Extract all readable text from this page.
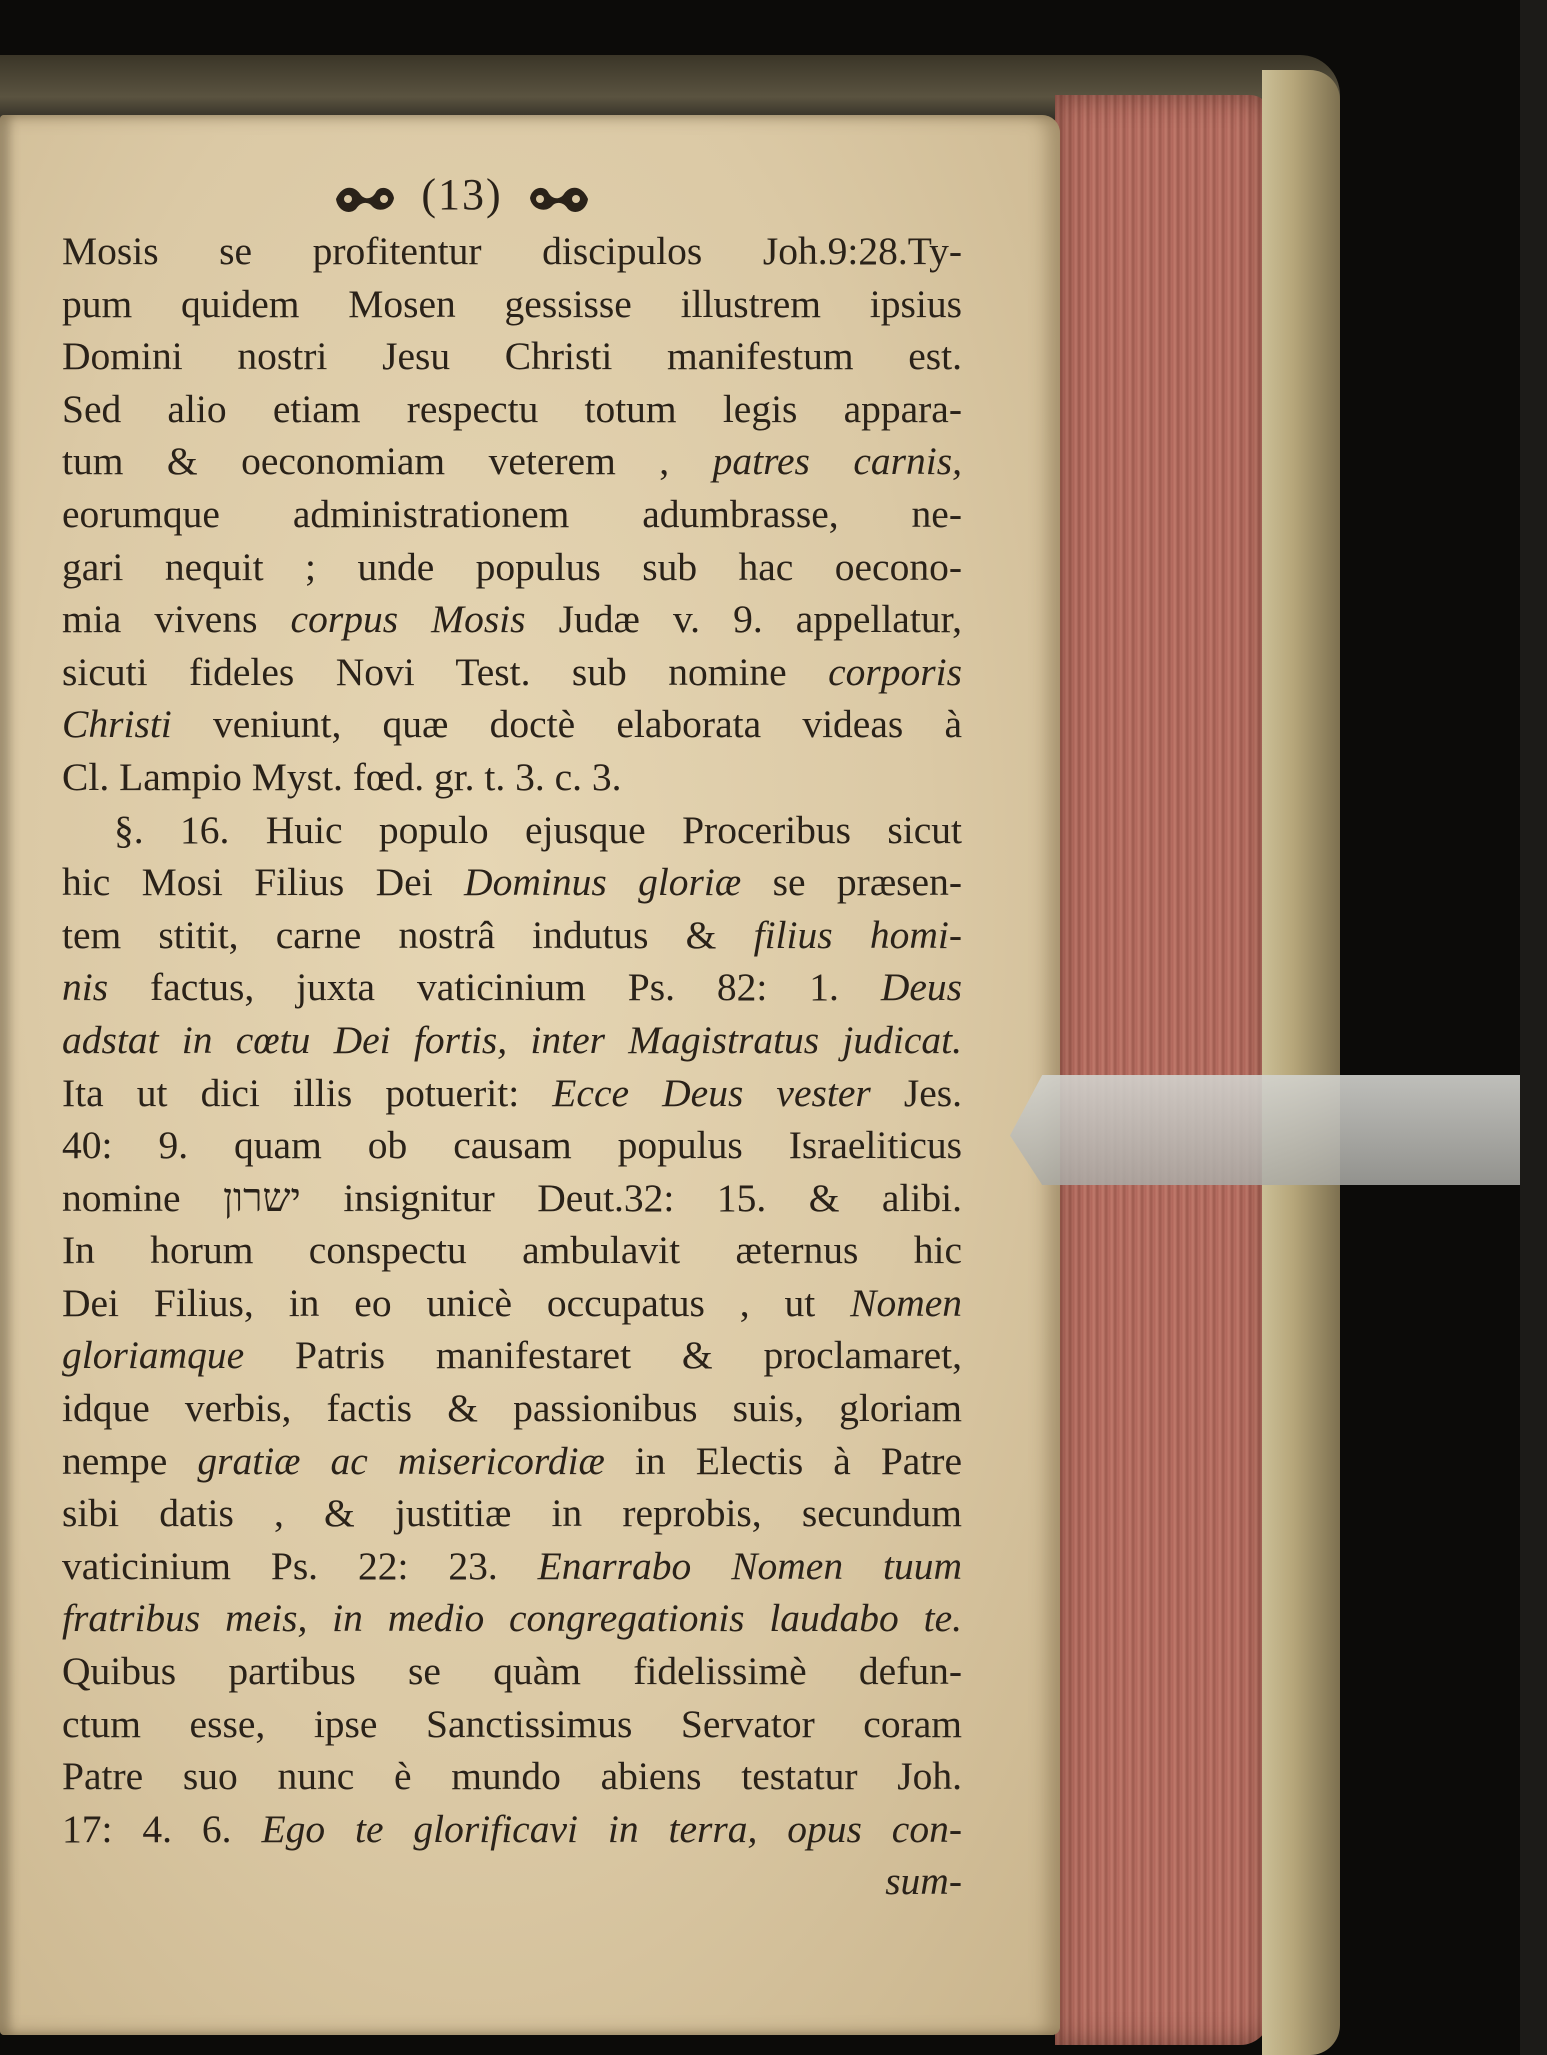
(13)
Mosis se profitentur discipulos Joh.9:28.Ty-
pum quidem Mosen gessisse illustrem ipsius
Domini nostri Jesu Christi manifestum est.
Sed alio etiam respectu totum legis appara-
tum & oeconomiam veterem , patres carnis,
eorumque administrationem adumbrasse, ne-
gari nequit ; unde populus sub hac oecono-
mia vivens corpus Mosis Judæ v. 9. appellatur,
sicuti fideles Novi Test. sub nomine corporis
Christi veniunt, quæ doctè elaborata videas à
Cl. Lampio Myst. fœd. gr. t. 3. c. 3.
§. 16. Huic populo ejusque Proceribus sicut
hic Mosi Filius Dei Dominus gloriæ se præsen-
tem stitit, carne nostrâ indutus & filius homi-
nis factus, juxta vaticinium Ps. 82: 1. Deus
adstat in cœtu Dei fortis, inter Magistratus judicat.
Ita ut dici illis potuerit: Ecce Deus vester Jes.
40: 9. quam ob causam populus Israeliticus
nomine ישרון insignitur Deut.32: 15. & alibi.
In horum conspectu ambulavit æternus hic
Dei Filius, in eo unicè occupatus , ut Nomen
gloriamque Patris manifestaret & proclamaret,
idque verbis, factis & passionibus suis, gloriam
nempe gratiæ ac misericordiæ in Electis à Patre
sibi datis , & justitiæ in reprobis, secundum
vaticinium Ps. 22: 23. Enarrabo Nomen tuum
fratribus meis, in medio congregationis laudabo te.
Quibus partibus se quàm fidelissimè defun-
ctum esse, ipse Sanctissimus Servator coram
Patre suo nunc è mundo abiens testatur Joh.
17: 4. 6. Ego te glorificavi in terra, opus con-
sum-
